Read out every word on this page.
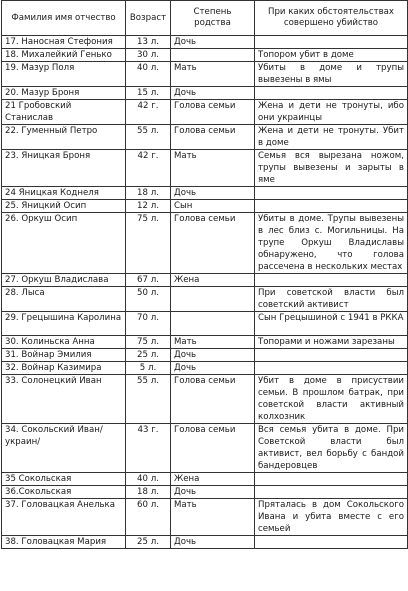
Фамилия имя отчество	Возраст	Степень родства	При каких обстоятельствах совершено убийство
17. Наносная Стефония	13 л.	Дочь	
18. Михалейкий Генько	30 л.		Топором убит в доме
19. Мазур Поля	40 л.	Мать	Убиты в доме и трупы вывезены в ямы
20. Мазур Броня	15 л.	Дочь	
21 Гробовский Станислав	42 г.	Голова семьи	Жена и дети не тронуты, ибо они украинцы
22. Гуменный Петро	55 л.	Голова семьи	Жена и дети не тронуты. Убит в доме
23. Яницкая Броня	42 г.	Мать	Семья вся вырезана ножом, трупы вывезены и зарыты в яме
24 Яницкая Коднеля	18 л.	Дочь	
25. Яницкий Осип	12 л.	Сын	
26. Оркуш Осип	75 л.	Голова семьи	Убиты в доме. Трупы вывезены в лес близ с. Могильницы. На трупе Оркуш Владиславы обнаружено, что голова рассечена в нескольких местах
27. Оркуш Владислава	67 л.	Жена	
28. Лыса	50 л.		При советской власти был советский активист
29. Грецышина Каролина	70 л.		Сын Грецышиной с 1941 в РККА
30. Колиньска Анна	75 л.	Мать	Топорами и ножами зарезаны
31. Войнар Эмилия	25 л.	Дочь	
32. Войнар Казимира	5 л.	Дочь	
33. Солонецкий Иван	55 л.	Голова семьи	Убит в доме в присуствии семьи. В прошлом батрак, при советской власти активный колхозник
34. Сокольский Иван/ украин/	43 г.	Голова семьи	Вся семья убита в доме. При Советской власти был активист, вел борьбу с бандой бандеровцев
35 Сокольская	40 л.	Жена	
36.Сокольская	18 л.	Дочь	
37. Головацкая Анелька	60 л.	Мать	Пряталась в дом Сокольского Ивана и убита вместе с его семьей
38. Головацкая Мария	25 л.	Дочь	
